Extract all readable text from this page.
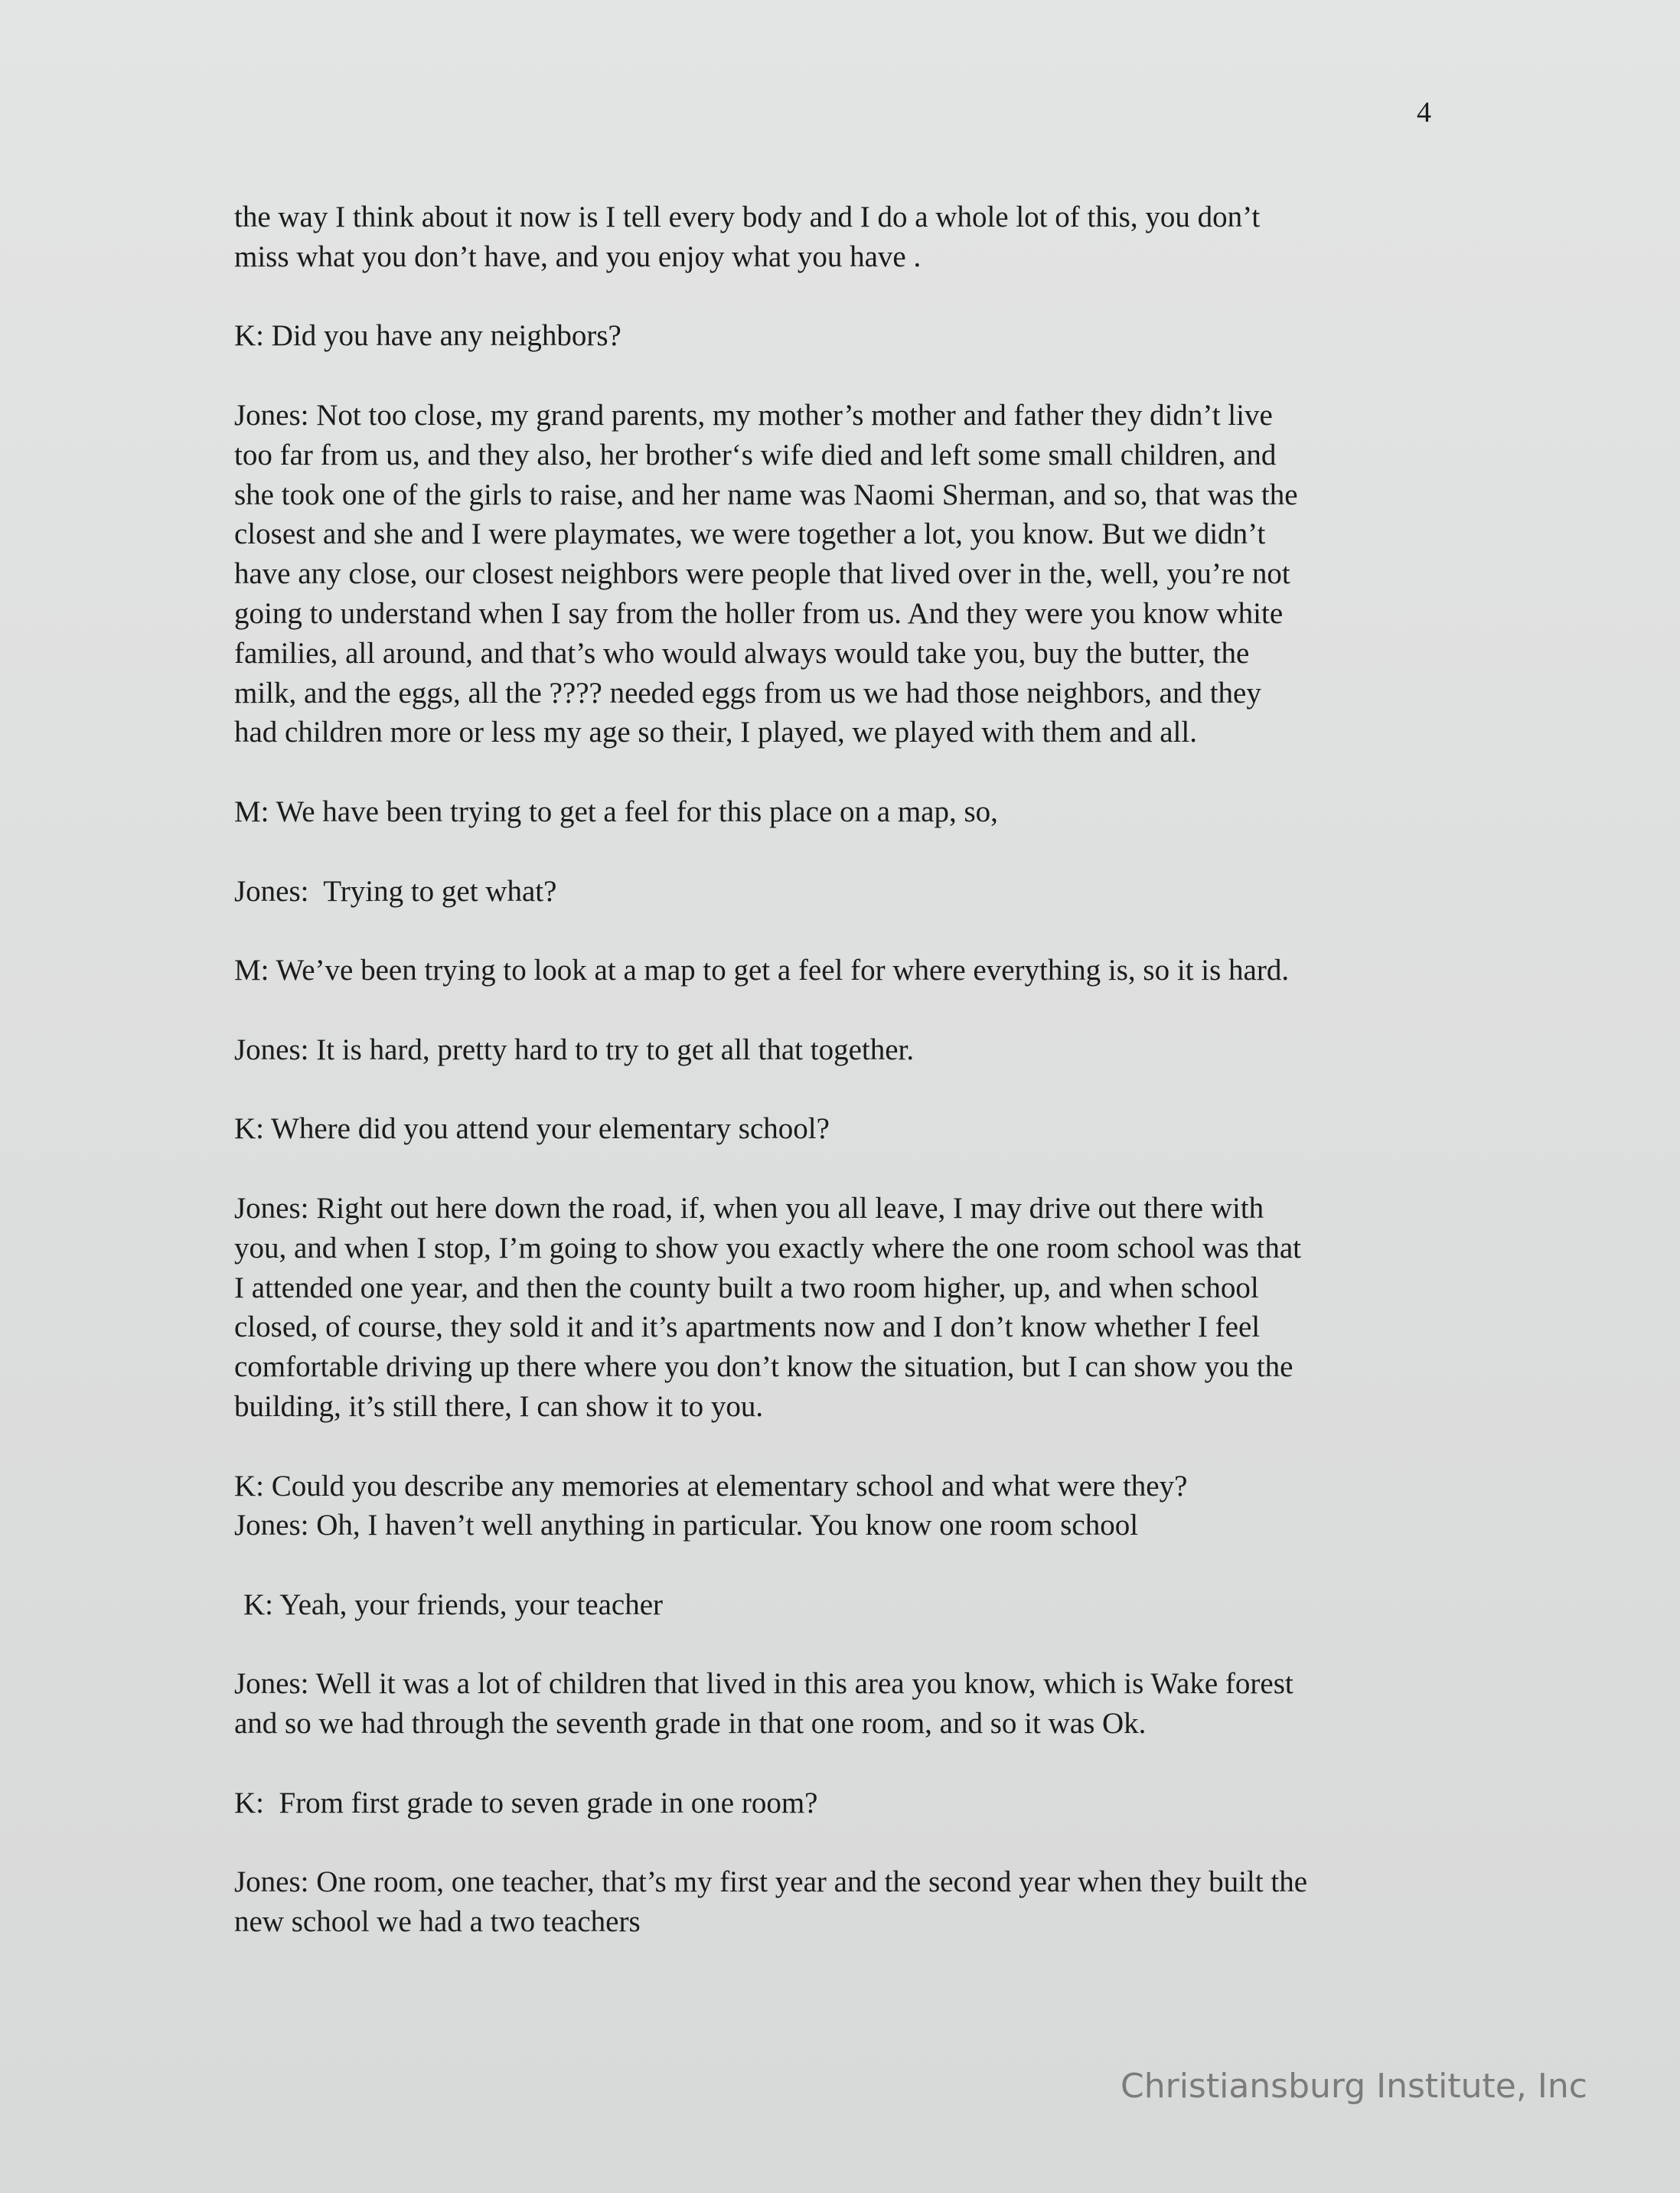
4

the way I think about it now is I tell every body and I do a whole lot of this, you don’t
miss what you don’t have, and you enjoy what you have .

K: Did you have any neighbors?

Jones: Not too close, my grand parents, my mother’s mother and father they didn’t live
too far from us, and they also, her brother‘s wife died and left some small children, and
she took one of the girls to raise, and her name was Naomi Sherman, and so, that was the
closest and she and I were playmates, we were together a lot, you know. But we didn’t
have any close, our closest neighbors were people that lived over in the, well, you’re not
going to understand when I say from the holler from us. And they were you know white
families, all around, and that’s who would always would take you, buy the butter, the
milk, and the eggs, all the ???? needed eggs from us we had those neighbors, and they
had children more or less my age so their, I played, we played with them and all.

M: We have been trying to get a feel for this place on a map, so,

Jones:  Trying to get what?

M: We’ve been trying to look at a map to get a feel for where everything is, so it is hard.

Jones: It is hard, pretty hard to try to get all that together.

K: Where did you attend your elementary school?

Jones: Right out here down the road, if, when you all leave, I may drive out there with
you, and when I stop, I’m going to show you exactly where the one room school was that
I attended one year, and then the county built a two room higher, up, and when school
closed, of course, they sold it and it’s apartments now and I don’t know whether I feel
comfortable driving up there where you don’t know the situation, but I can show you the
building, it’s still there, I can show it to you.

K: Could you describe any memories at elementary school and what were they?

Jones: Oh, I haven’t well anything in particular. You know one room school

K: Yeah, your friends, your teacher

Jones: Well it was a lot of children that lived in this area you know, which is Wake forest
and so we had through the seventh grade in that one room, and so it was Ok.

K:  From first grade to seven grade in one room?

Jones: One room, one teacher, that’s my first year and the second year when they built the
new school we had a two teachers

Christiansburg Institute, Inc
